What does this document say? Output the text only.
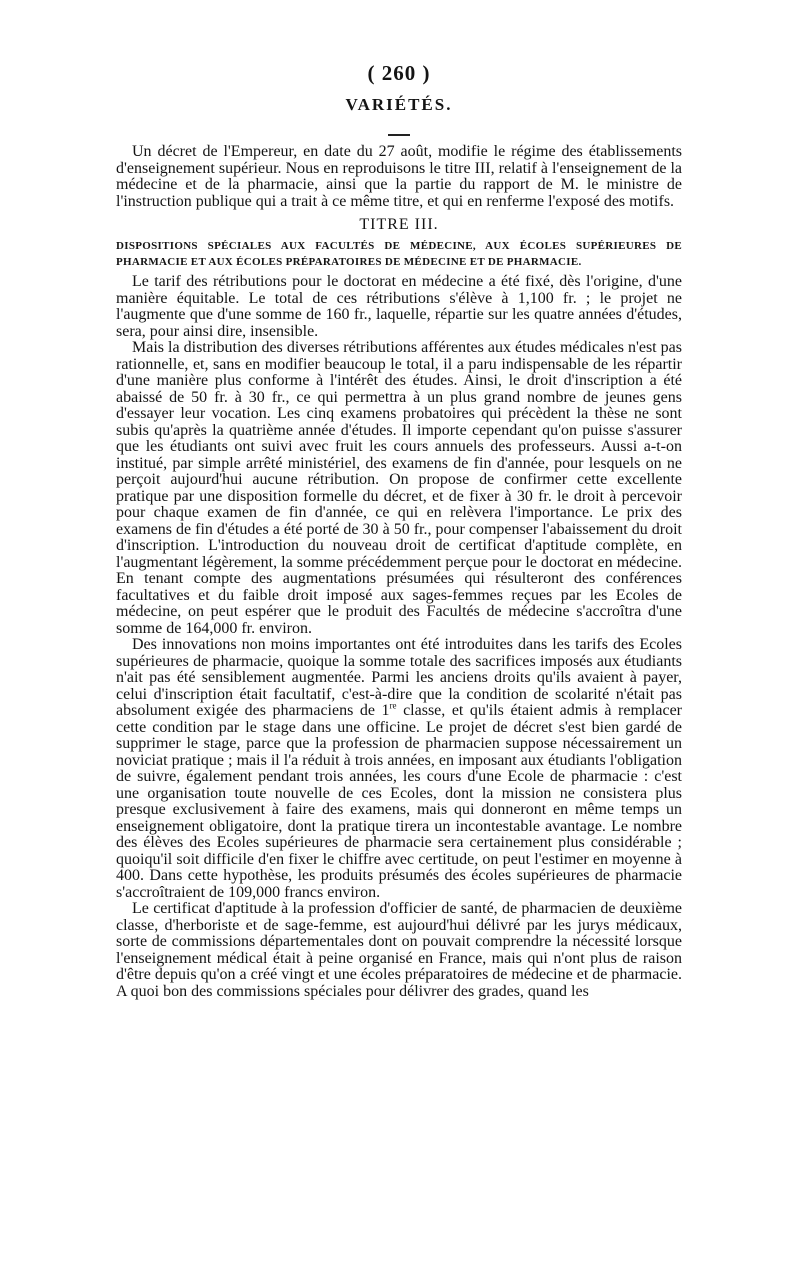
( 260 )
VARIÉTÉS.

Un décret de l'Empereur, en date du 27 août, modifie le régime des établissements d'enseignement supérieur. Nous en reproduisons le titre III, relatif à l'enseignement de la médecine et de la pharmacie, ainsi que la partie du rapport de M. le ministre de l'instruction publique qui a trait à ce même titre, et qui en renferme l'exposé des motifs.

TITRE III.
DISPOSITIONS SPÉCIALES AUX FACULTÉS DE MÉDECINE, AUX ÉCOLES SUPÉRIEURES DE PHARMACIE ET AUX ÉCOLES PRÉPARATOIRES DE MÉDECINE ET DE PHARMACIE.

Le tarif des rétributions pour le doctorat en médecine a été fixé, dès l'origine, d'une manière équitable. Le total de ces rétributions s'élève à 1,100 fr. ; le projet ne l'augmente que d'une somme de 160 fr., laquelle, répartie sur les quatre années d'études, sera, pour ainsi dire, insensible.

Mais la distribution des diverses rétributions afférentes aux études médicales n'est pas rationnelle, et, sans en modifier beaucoup le total, il a paru indispensable de les répartir d'une manière plus conforme à l'intérêt des études. Ainsi, le droit d'inscription a été abaissé de 50 fr. à 30 fr., ce qui permettra à un plus grand nombre de jeunes gens d'essayer leur vocation. Les cinq examens probatoires qui précèdent la thèse ne sont subis qu'après la quatrième année d'études. Il importe cependant qu'on puisse s'assurer que les étudiants ont suivi avec fruit les cours annuels des professeurs. Aussi a-t-on institué, par simple arrêté ministériel, des examens de fin d'année, pour lesquels on ne perçoit aujourd'hui aucune rétribution. On propose de confirmer cette excellente pratique par une disposition formelle du décret, et de fixer à 30 fr. le droit à percevoir pour chaque examen de fin d'année, ce qui en relèvera l'importance. Le prix des examens de fin d'études a été porté de 30 à 50 fr., pour compenser l'abaissement du droit d'inscription. L'introduction du nouveau droit de certificat d'aptitude complète, en l'augmentant légèrement, la somme précédemment perçue pour le doctorat en médecine. En tenant compte des augmentations présumées qui résulteront des conférences facultatives et du faible droit imposé aux sages-femmes reçues par les Ecoles de médecine, on peut espérer que le produit des Facultés de médecine s'accroîtra d'une somme de 164,000 fr. environ.

Des innovations non moins importantes ont été introduites dans les tarifs des Ecoles supérieures de pharmacie, quoique la somme totale des sacrifices imposés aux étudiants n'ait pas été sensiblement augmentée. Parmi les anciens droits qu'ils avaient à payer, celui d'inscription était facultatif, c'est-à-dire que la condition de scolarité n'était pas absolument exigée des pharmaciens de 1re classe, et qu'ils étaient admis à remplacer cette condition par le stage dans une officine. Le projet de décret s'est bien gardé de supprimer le stage, parce que la profession de pharmacien suppose nécessairement un noviciat pratique ; mais il l'a réduit à trois années, en imposant aux étudiants l'obligation de suivre, également pendant trois années, les cours d'une Ecole de pharmacie : c'est une organisation toute nouvelle de ces Ecoles, dont la mission ne consistera plus presque exclusivement à faire des examens, mais qui donneront en même temps un enseignement obligatoire, dont la pratique tirera un incontestable avantage. Le nombre des élèves des Ecoles supérieures de pharmacie sera certainement plus considérable ; quoiqu'il soit difficile d'en fixer le chiffre avec certitude, on peut l'estimer en moyenne à 400. Dans cette hypothèse, les produits présumés des écoles supérieures de pharmacie s'accroîtraient de 109,000 francs environ.

Le certificat d'aptitude à la profession d'officier de santé, de pharmacien de deuxième classe, d'herboriste et de sage-femme, est aujourd'hui délivré par les jurys médicaux, sorte de commissions départementales dont on pouvait comprendre la nécessité lorsque l'enseignement médical était à peine organisé en France, mais qui n'ont plus de raison d'être depuis qu'on a créé vingt et une écoles préparatoires de médecine et de pharmacie. A quoi bon des commissions spéciales pour délivrer des grades, quand les
